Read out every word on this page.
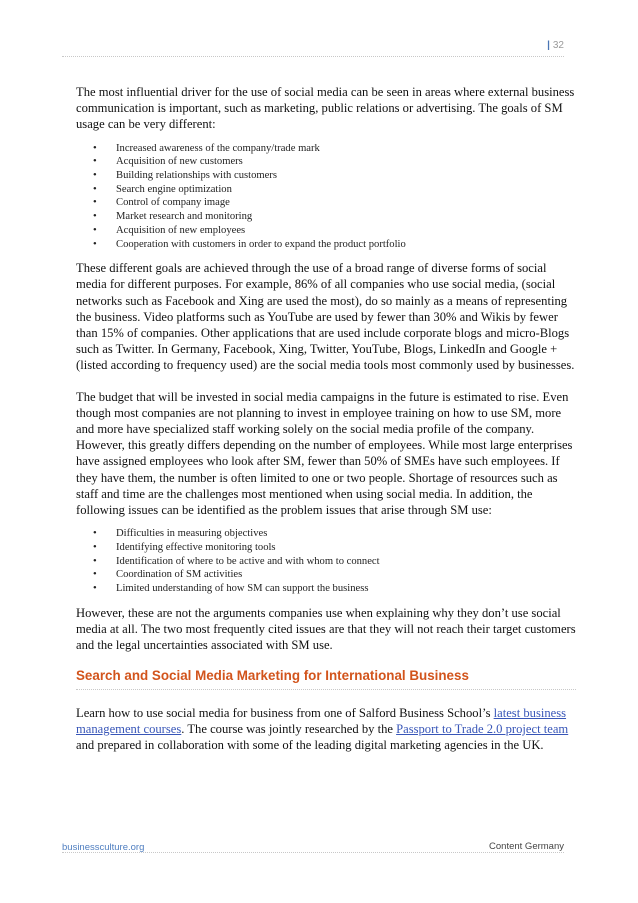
| 32

The most influential driver for the use of social media can be seen in areas where external business communication is important, such as marketing, public relations or advertising. The goals of SM usage can be very different:

• Increased awareness of the company/trade mark
• Acquisition of new customers
• Building relationships with customers
• Search engine optimization
• Control of company image
• Market research and monitoring
• Acquisition of new employees
• Cooperation with customers in order to expand the product portfolio

These different goals are achieved through the use of a broad range of diverse forms of social media for different purposes. For example, 86% of all companies who use social media, (social networks such as Facebook and Xing are used the most), do so mainly as a means of representing the business. Video platforms such as YouTube are used by fewer than 30% and Wikis by fewer than 15% of companies. Other applications that are used include corporate blogs and micro-Blogs such as Twitter. In Germany, Facebook, Xing, Twitter, YouTube, Blogs, LinkedIn and Google + (listed according to frequency used) are the social media tools most commonly used by businesses.

The budget that will be invested in social media campaigns in the future is estimated to rise. Even though most companies are not planning to invest in employee training on how to use SM, more and more have specialized staff working solely on the social media profile of the company. However, this greatly differs depending on the number of employees. While most large enterprises have assigned employees who look after SM, fewer than 50% of SMEs have such employees. If they have them, the number is often limited to one or two people. Shortage of resources such as staff and time are the challenges most mentioned when using social media. In addition, the following issues can be identified as the problem issues that arise through SM use:

• Difficulties in measuring objectives
• Identifying effective monitoring tools
• Identification of where to be active and with whom to connect
• Coordination of SM activities
• Limited understanding of how SM can support the business

However, these are not the arguments companies use when explaining why they don’t use social media at all. The two most frequently cited issues are that they will not reach their target customers and the legal uncertainties associated with SM use.

Search and Social Media Marketing for International Business

Learn how to use social media for business from one of Salford Business School’s latest business management courses. The course was jointly researched by the Passport to Trade 2.0 project team and prepared in collaboration with some of the leading digital marketing agencies in the UK.

businessculture.org	Content Germany
